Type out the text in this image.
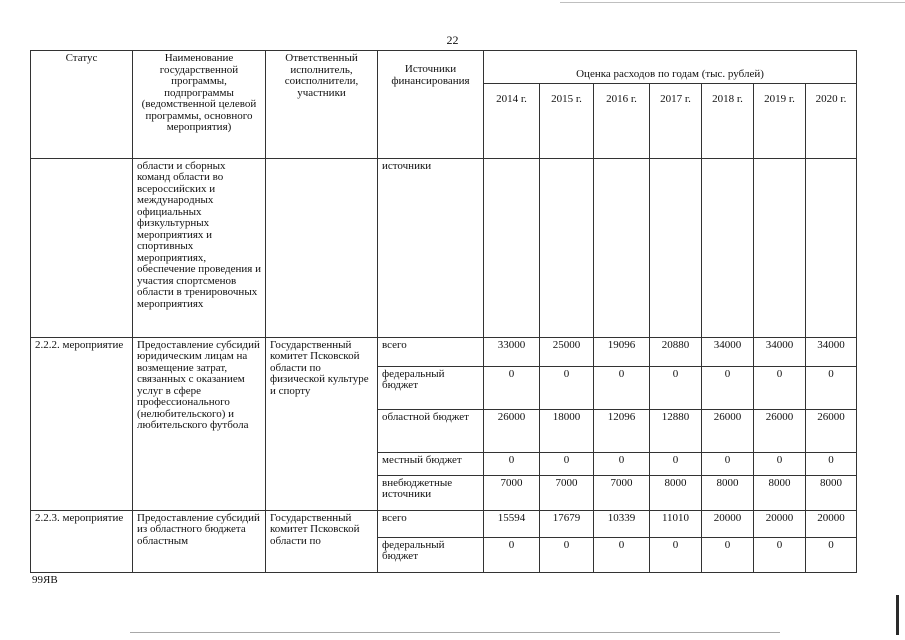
22
Статус	Наименование государственной программы, подпрограммы (ведомственной целевой программы, основного мероприятия)	Ответственный исполнитель, соисполнители, участники	Источники финансирования	Оценка расходов по годам (тыс. рублей)						
				2014 г.	2015 г.	2016 г.	2017 г.	2018 г.	2019 г.	2020 г.
	области и сборных команд области во всероссийских и международных официальных физкультурных мероприятиях и спортивных мероприятиях, обеспечение проведения и участия спортсменов области в тренировочных мероприятиях		источники							
2.2.2. мероприятие	Предоставление субсидий юридическим лицам на возмещение затрат, связанных с оказанием услуг в сфере профессионального (нелюбительского) и любительского футбола	Государственный комитет Псковской области по физической культуре и спорту	всего	33000	25000	19096	20880	34000	34000	34000
			федеральный бюджет	0	0	0	0	0	0	0
			областной бюджет	26000	18000	12096	12880	26000	26000	26000
			местный бюджет	0	0	0	0	0	0	0
			внебюджетные источники	7000	7000	7000	8000	8000	8000	8000
2.2.3. мероприятие	Предоставление субсидий из областного бюджета областным	Государственный комитет Псковской области по	всего	15594	17679	10339	11010	20000	20000	20000
			федеральный бюджет	0	0	0	0	0	0	0
99ЯВ
